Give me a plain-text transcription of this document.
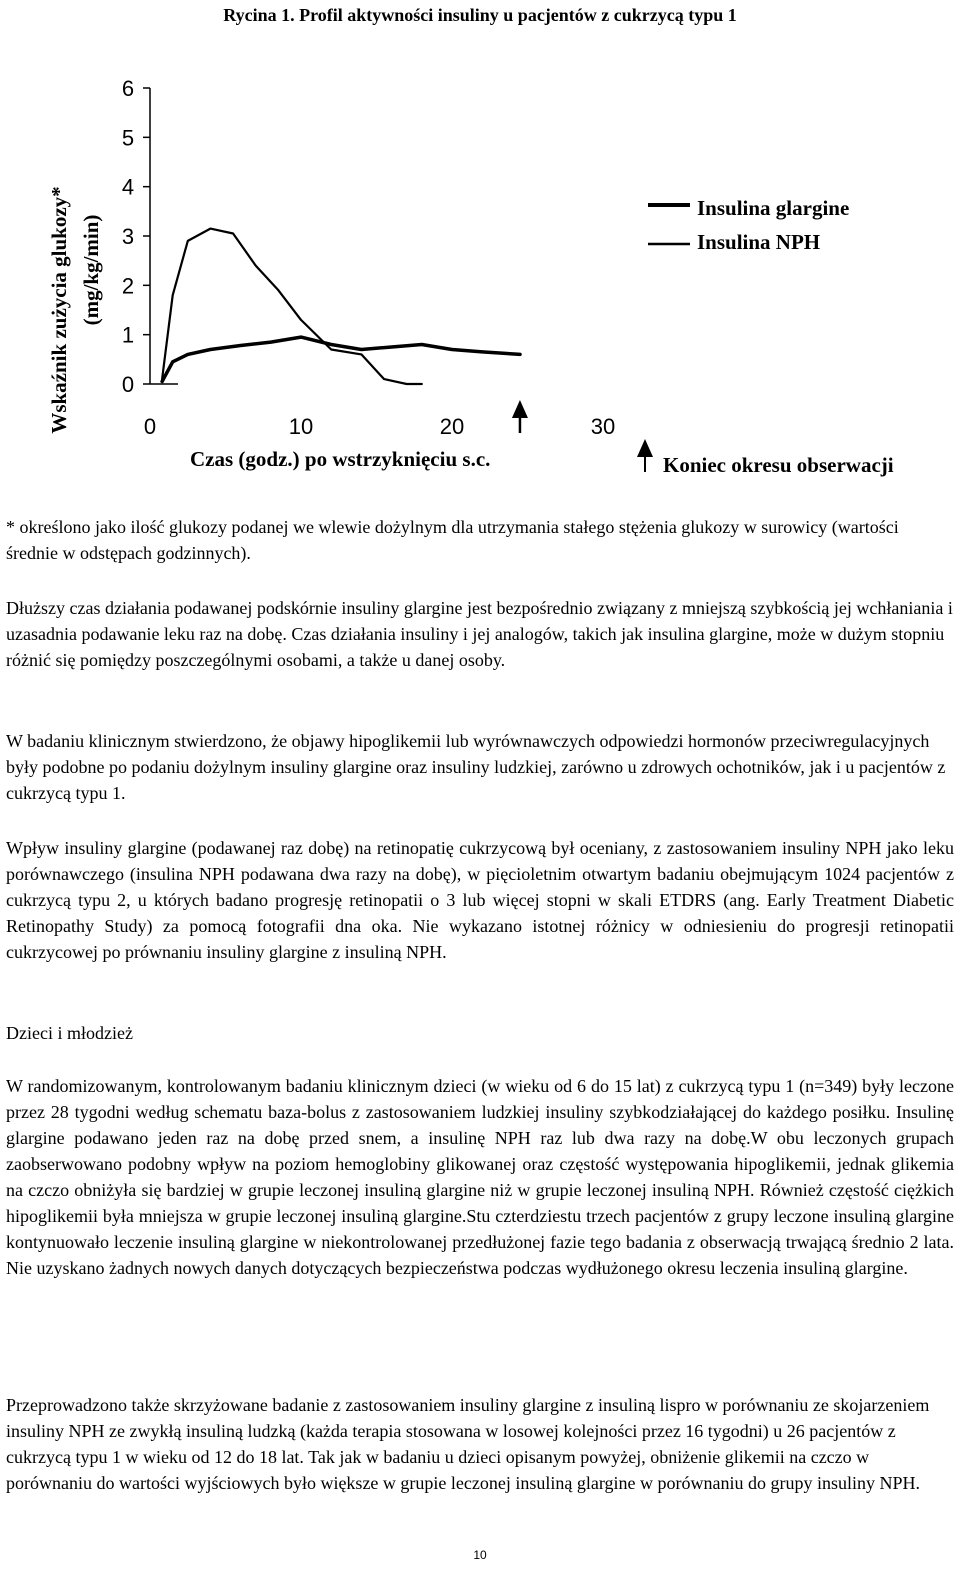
Rycina 1. Profil aktywności insuliny u pacjentów z cukrzycą typu 1
Wskaźnik zużycia glukozy* (mg/kg/min)
0
1
2
3
4
5
6
0	10	20	30
Czas (godz.) po wstrzyknięciu s.c.
Insulina glargine
Insulina NPH
Koniec okresu obserwacji

* określono jako ilość glukozy podanej we wlewie dożylnym dla utrzymania stałego stężenia glukozy w surowicy (wartości średnie w odstępach godzinnych).

Dłuższy czas działania podawanej podskórnie insuliny glargine jest bezpośrednio związany z mniejszą szybkością jej wchłaniania i uzasadnia podawanie leku raz na dobę. Czas działania insuliny i jej analogów, takich jak insulina glargine, może w dużym stopniu różnić się pomiędzy poszczególnymi osobami, a także u danej osoby.

W badaniu klinicznym stwierdzono, że objawy hipoglikemii lub wyrównawczych odpowiedzi hormonów przeciwregulacyjnych były podobne po podaniu dożylnym insuliny glargine oraz insuliny ludzkiej, zarówno u zdrowych ochotników, jak i u pacjentów z cukrzycą typu 1.

Wpływ insuliny glargine (podawanej raz dobę) na retinopatię cukrzycową był oceniany, z zastosowaniem insuliny NPH jako leku porównawczego (insulina NPH podawana dwa razy na dobę), w pięcioletnim otwartym badaniu obejmującym 1024 pacjentów z cukrzycą typu 2, u których badano progresję retinopatii o 3 lub więcej stopni w skali ETDRS (ang. Early Treatment Diabetic Retinopathy Study) za pomocą fotografii dna oka. Nie wykazano istotnej różnicy w odniesieniu do progresji retinopatii cukrzycowej po prównaniu insuliny glargine z insuliną NPH.

Dzieci i młodzież

W randomizowanym, kontrolowanym badaniu klinicznym dzieci (w wieku od 6 do 15 lat) z cukrzycą typu 1 (n=349) były leczone przez 28 tygodni według schematu baza-bolus z zastosowaniem ludzkiej insuliny szybkodziałającej do każdego posiłku. Insulinę glargine podawano jeden raz na dobę przed snem, a insulinę NPH raz lub dwa razy na dobę.W obu leczonych grupach zaobserwowano podobny wpływ na poziom hemoglobiny glikowanej oraz częstość występowania hipoglikemii, jednak glikemia na czczo obniżyła się bardziej w grupie leczonej insuliną glargine niż w grupie leczonej insuliną NPH. Również częstość ciężkich hipoglikemii była mniejsza w grupie leczonej insuliną glargine.Stu czterdziestu trzech pacjentów z grupy leczone insuliną glargine kontynuowało leczenie insuliną glargine w niekontrolowanej przedłużonej fazie tego badania z obserwacją trwającą średnio 2 lata. Nie uzyskano żadnych nowych danych dotyczących bezpieczeństwa podczas wydłużonego okresu leczenia insuliną glargine.

Przeprowadzono także skrzyżowane badanie z zastosowaniem insuliny glargine z insuliną lispro w porównaniu ze skojarzeniem insuliny NPH ze zwykłą insuliną ludzką (każda terapia stosowana w losowej kolejności przez 16 tygodni) u 26 pacjentów z cukrzycą typu 1 w wieku od 12 do 18 lat. Tak jak w badaniu u dzieci opisanym powyżej, obniżenie glikemii na czczo w porównaniu do wartości wyjściowych było większe w grupie leczonej insuliną glargine w porównaniu do grupy insuliny NPH.

10
